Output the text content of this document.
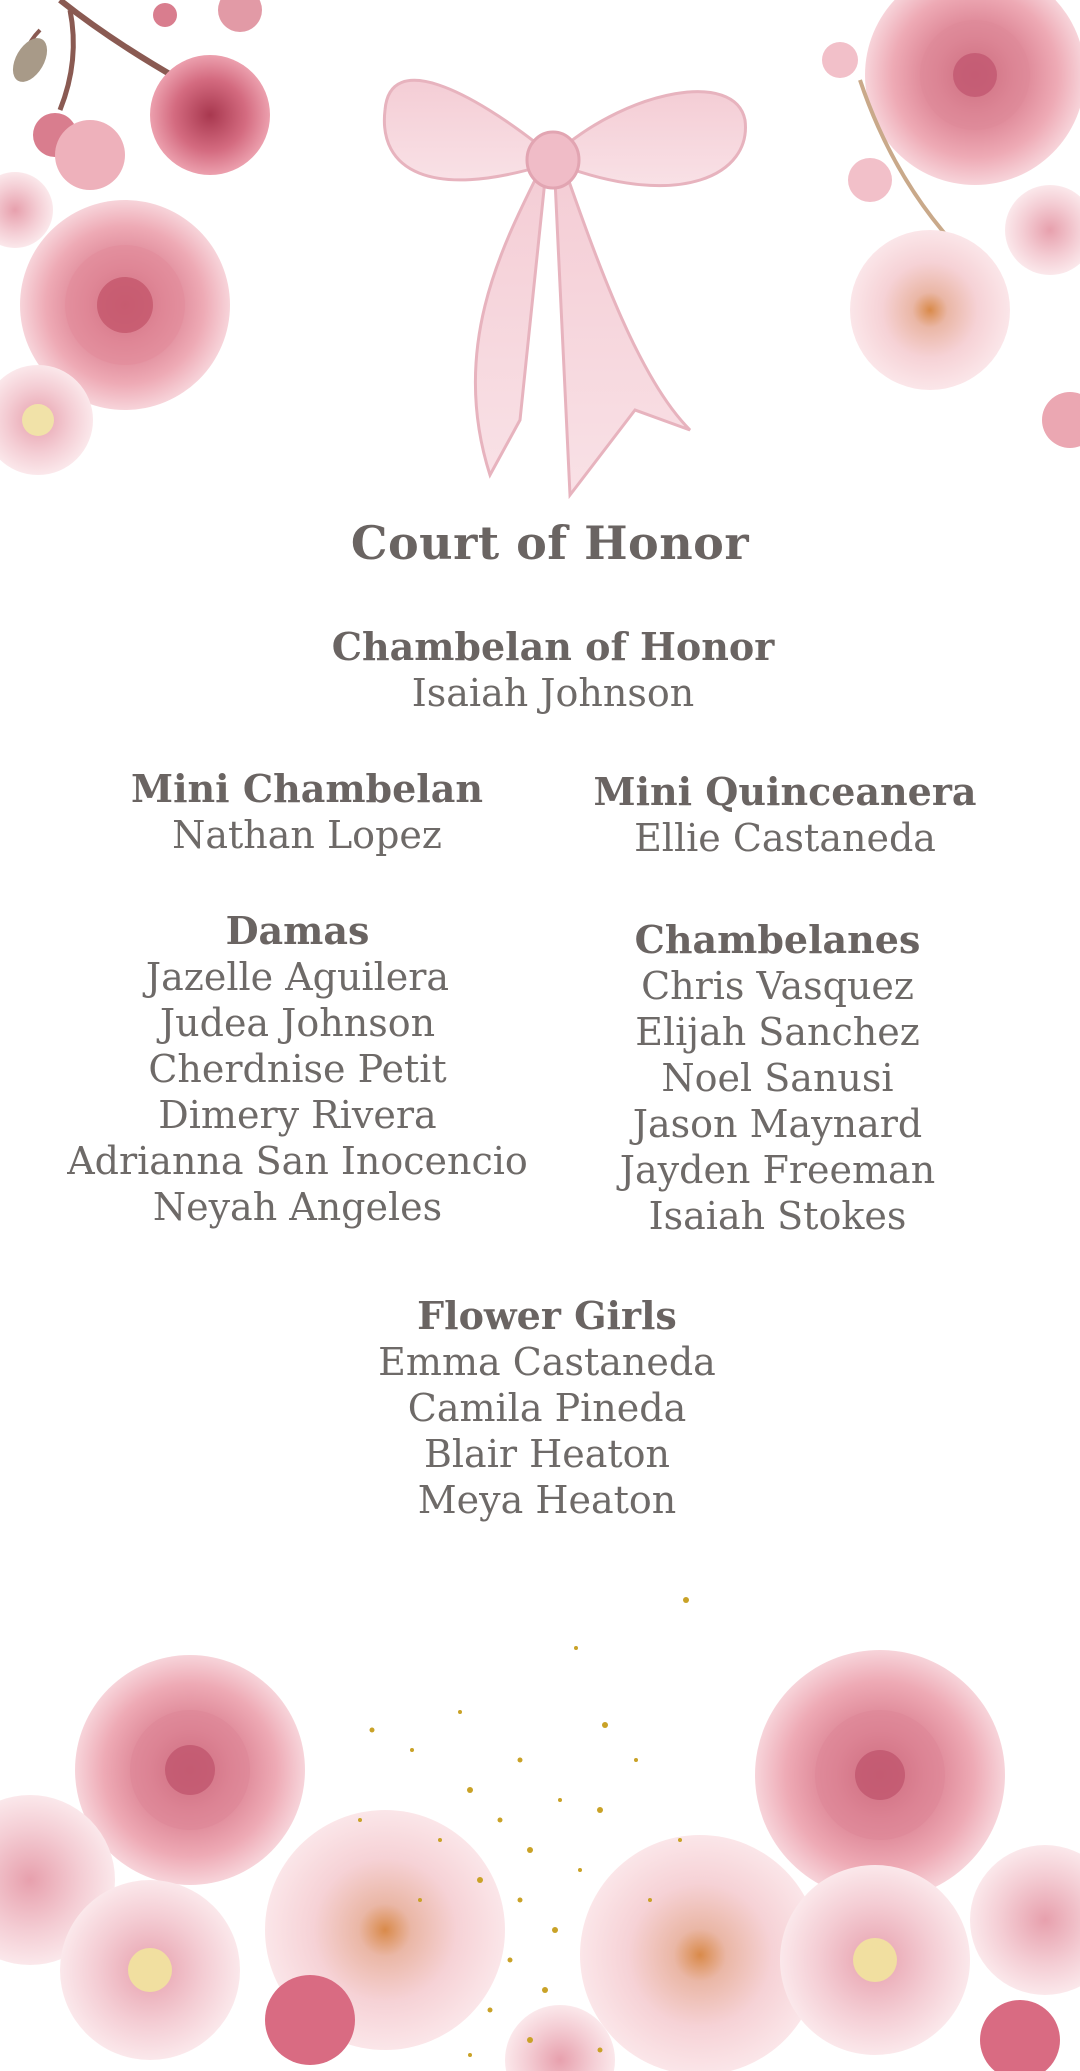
Court of Honor
Chambelan of Honor
Isaiah Johnson
Mini Chambelan
Nathan Lopez
Mini Quinceanera
Ellie Castaneda
Damas
Jazelle Aguilera
Judea Johnson
Cherdnise Petit
Dimery Rivera
Adrianna San Inocencio
Neyah Angeles
Chambelanes
Chris Vasquez
Elijah Sanchez
Noel Sanusi
Jason Maynard
Jayden Freeman
Isaiah Stokes
Flower Girls
Emma Castaneda
Camila Pineda
Blair Heaton
Meya Heaton
